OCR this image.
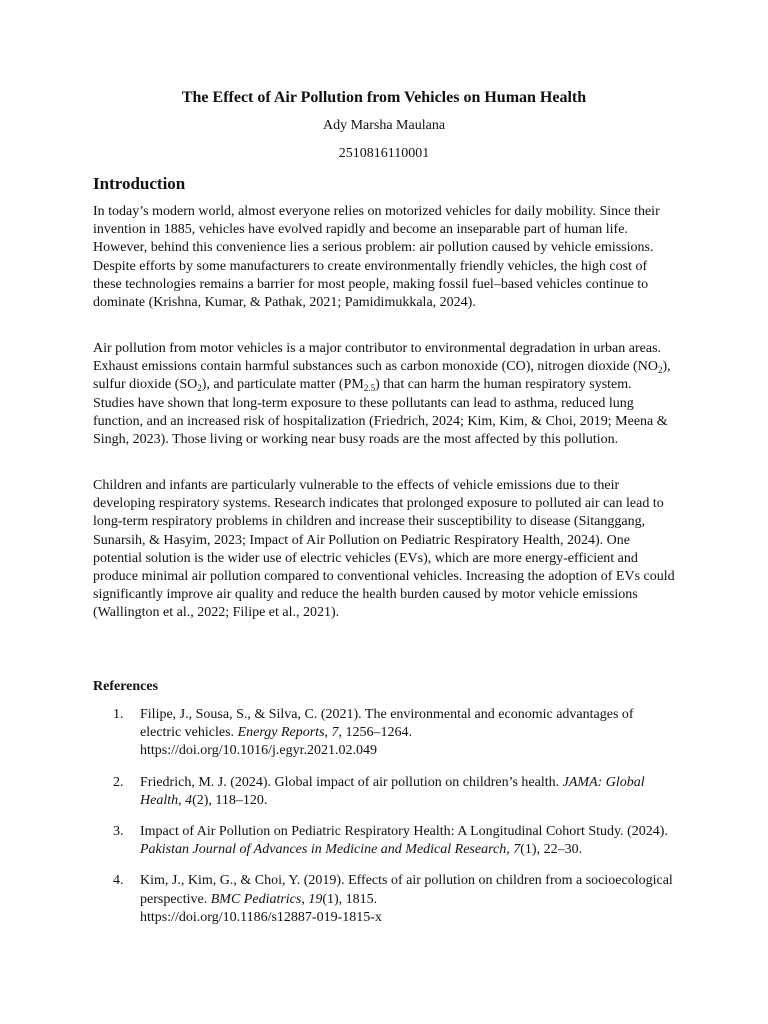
The Effect of Air Pollution from Vehicles on Human Health
Ady Marsha Maulana
2510816110001
Introduction

In today’s modern world, almost everyone relies on motorized vehicles for daily mobility. Since their invention in 1885, vehicles have evolved rapidly and become an inseparable part of human life. However, behind this convenience lies a serious problem: air pollution caused by vehicle emissions. Despite efforts by some manufacturers to create environmentally friendly vehicles, the high cost of these technologies remains a barrier for most people, making fossil fuel–based vehicles continue to dominate (Krishna, Kumar, & Pathak, 2021; Pamidimukkala, 2024).

Air pollution from motor vehicles is a major contributor to environmental degradation in urban areas. Exhaust emissions contain harmful substances such as carbon monoxide (CO), nitrogen dioxide $(NO_2)$, sulfur dioxide $(SO_2)$, and particulate matter $(PM_{2.5})$ that can harm the human respiratory system. Studies have shown that long-term exposure to these pollutants can lead to asthma, reduced lung function, and an increased risk of hospitalization (Friedrich, 2024; Kim, Kim, & Choi, 2019; Meena & Singh, 2023). Those living or working near busy roads are the most affected by this pollution.

Children and infants are particularly vulnerable to the effects of vehicle emissions due to their developing respiratory systems. Research indicates that prolonged exposure to polluted air can lead to long-term respiratory problems in children and increase their susceptibility to disease (Sitanggang, Sunarsih, & Hasyim, 2023; Impact of Air Pollution on Pediatric Respiratory Health, 2024). One potential solution is the wider use of electric vehicles (EVs), which are more energy-efficient and produce minimal air pollution compared to conventional vehicles. Increasing the adoption of EVs could significantly improve air quality and reduce the health burden caused by motor vehicle emissions (Wallington et al., 2022; Filipe et al., 2021).

References
1. Filipe, J., Sousa, S., & Silva, C. (2021). The environmental and economic advantages of electric vehicles. Energy Reports, 7, 1256–1264.
https://doi.org/10.1016/j.egyr.2021.02.049
2. Friedrich, M. J. (2024). Global impact of air pollution on children’s health. JAMA: Global Health, 4(2), 118–120.
3. Impact of Air Pollution on Pediatric Respiratory Health: A Longitudinal Cohort Study. (2024). Pakistan Journal of Advances in Medicine and Medical Research, 7(1), 22–30.
4. Kim, J., Kim, G., & Choi, Y. (2019). Effects of air pollution on children from a socioecological perspective. BMC Pediatrics, 19(1), 1815.
https://doi.org/10.1186/s12887-019-1815-x
